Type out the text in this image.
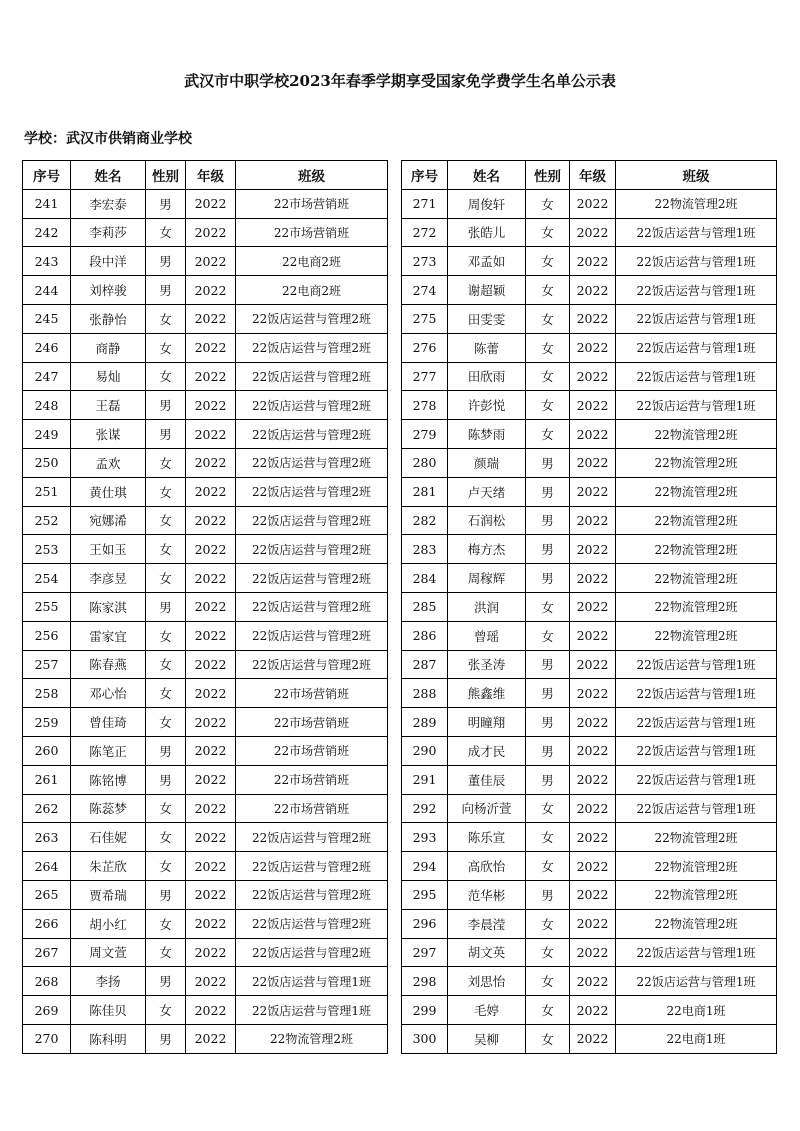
武汉市中职学校2023年春季学期享受国家免学费学生名单公示表
学校：武汉市供销商业学校
序号	姓名	性别	年级	班级
241	李宏泰	男	2022	22市场营销班
242	李莉莎	女	2022	22市场营销班
243	段中洋	男	2022	22电商2班
244	刘梓骏	男	2022	22电商2班
245	张静怡	女	2022	22饭店运营与管理2班
246	商静	女	2022	22饭店运营与管理2班
247	易灿	女	2022	22饭店运营与管理2班
248	王磊	男	2022	22饭店运营与管理2班
249	张谋	男	2022	22饭店运营与管理2班
250	孟欢	女	2022	22饭店运营与管理2班
251	黄仕琪	女	2022	22饭店运营与管理2班
252	宛娜浠	女	2022	22饭店运营与管理2班
253	王如玉	女	2022	22饭店运营与管理2班
254	李彦昱	女	2022	22饭店运营与管理2班
255	陈家淇	男	2022	22饭店运营与管理2班
256	雷家宜	女	2022	22饭店运营与管理2班
257	陈春燕	女	2022	22饭店运营与管理2班
258	邓心怡	女	2022	22市场营销班
259	曾佳琦	女	2022	22市场营销班
260	陈笔正	男	2022	22市场营销班
261	陈铭博	男	2022	22市场营销班
262	陈蕊梦	女	2022	22市场营销班
263	石佳妮	女	2022	22饭店运营与管理2班
264	朱芷欣	女	2022	22饭店运营与管理2班
265	贾希瑞	男	2022	22饭店运营与管理2班
266	胡小红	女	2022	22饭店运营与管理2班
267	周文萱	女	2022	22饭店运营与管理2班
268	李扬	男	2022	22饭店运营与管理1班
269	陈佳贝	女	2022	22饭店运营与管理1班
270	陈科明	男	2022	22物流管理2班
序号	姓名	性别	年级	班级
271	周俊轩	女	2022	22物流管理2班
272	张皓儿	女	2022	22饭店运营与管理1班
273	邓孟如	女	2022	22饭店运营与管理1班
274	谢超颖	女	2022	22饭店运营与管理1班
275	田雯雯	女	2022	22饭店运营与管理1班
276	陈蕾	女	2022	22饭店运营与管理1班
277	田欣雨	女	2022	22饭店运营与管理1班
278	许彭悦	女	2022	22饭店运营与管理1班
279	陈梦雨	女	2022	22物流管理2班
280	颜瑞	男	2022	22物流管理2班
281	卢天绪	男	2022	22物流管理2班
282	石润松	男	2022	22物流管理2班
283	梅方杰	男	2022	22物流管理2班
284	周稼辉	男	2022	22物流管理2班
285	洪润	女	2022	22物流管理2班
286	曾瑶	女	2022	22物流管理2班
287	张圣涛	男	2022	22饭店运营与管理1班
288	熊鑫维	男	2022	22饭店运营与管理1班
289	明瞳翔	男	2022	22饭店运营与管理1班
290	成才民	男	2022	22饭店运营与管理1班
291	董佳辰	男	2022	22饭店运营与管理1班
292	向杨沂萱	女	2022	22饭店运营与管理1班
293	陈乐宣	女	2022	22物流管理2班
294	高欣怡	女	2022	22物流管理2班
295	范华彬	男	2022	22物流管理2班
296	李晨滢	女	2022	22物流管理2班
297	胡文英	女	2022	22饭店运营与管理1班
298	刘思怡	女	2022	22饭店运营与管理1班
299	毛婷	女	2022	22电商1班
300	吴柳	女	2022	22电商1班
